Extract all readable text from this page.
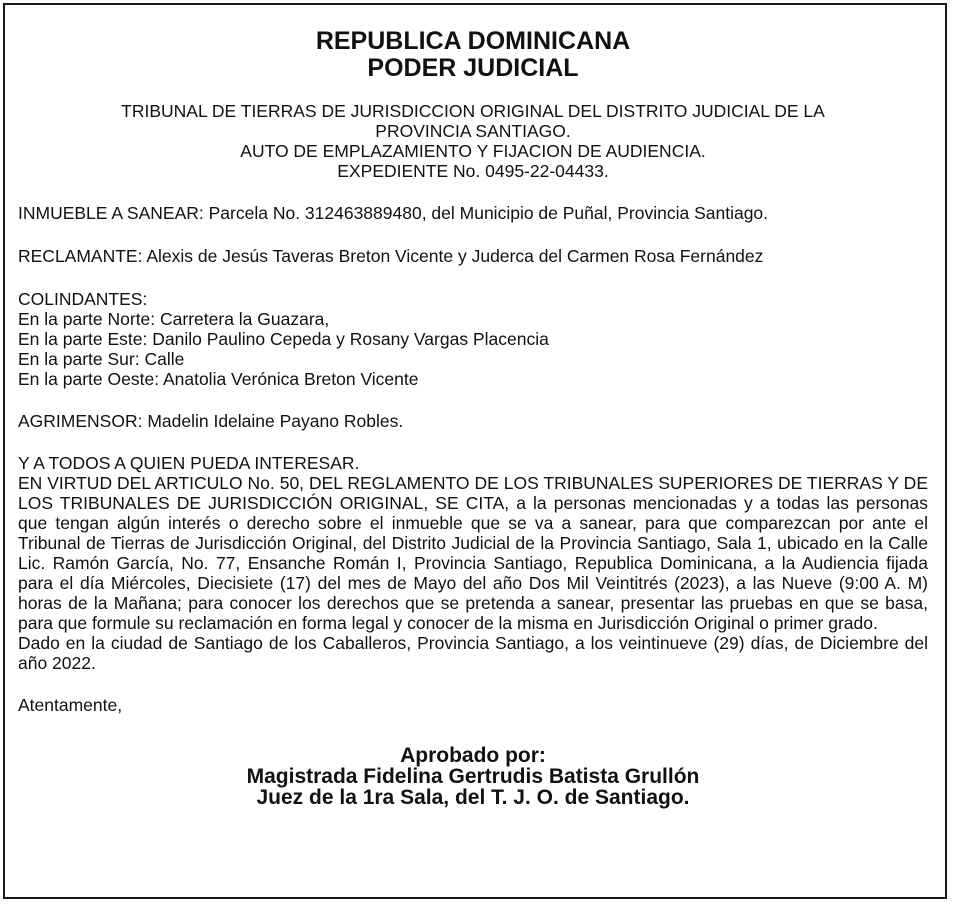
REPUBLICA DOMINICANA
PODER JUDICIAL
TRIBUNAL DE TIERRAS DE JURISDICCION ORIGINAL DEL DISTRITO JUDICIAL DE LA
PROVINCIA SANTIAGO.
AUTO DE EMPLAZAMIENTO Y FIJACION DE AUDIENCIA.
EXPEDIENTE No. 0495-22-04433.

INMUEBLE A SANEAR: Parcela No. 312463889480, del Municipio de Puñal, Provincia Santiago.

RECLAMANTE: Alexis de Jesús Taveras Breton Vicente y Juderca del Carmen Rosa Fernández

COLINDANTES:
En la parte Norte: Carretera la Guazara,
En la parte Este: Danilo Paulino Cepeda y Rosany Vargas Placencia
En la parte Sur: Calle
En la parte Oeste: Anatolia Verónica Breton Vicente

AGRIMENSOR: Madelin Idelaine Payano Robles.

Y A TODOS A QUIEN PUEDA INTERESAR.
EN VIRTUD DEL ARTICULO No. 50, DEL REGLAMENTO DE LOS TRIBUNALES SUPERIORES DE TIERRAS Y DE LOS TRIBUNALES DE JURISDICCIÓN ORIGINAL, SE CITA, a la personas mencionadas y a todas las personas que tengan algún interés o derecho sobre el inmueble que se va a sanear, para que comparezcan por ante el Tribunal de Tierras de Jurisdicción Original, del Distrito Judicial de la Provincia Santiago, Sala 1, ubicado en la Calle Lic. Ramón García, No. 77, Ensanche Román I, Provincia Santiago, Republica Dominicana, a la Audiencia fijada para el día Miércoles, Diecisiete (17) del mes de Mayo del año Dos Mil Veintitrés (2023), a las Nueve (9:00 A. M) horas de la Mañana; para conocer los derechos que se pretenda a sanear, presentar las pruebas en que se basa, para que formule su reclamación en forma legal y conocer de la misma en Jurisdicción Original o primer grado.
Dado en la ciudad de Santiago de los Caballeros, Provincia Santiago, a los veintinueve (29) días, de Diciembre del año 2022.

Atentamente,

Aprobado por:
Magistrada Fidelina Gertrudis Batista Grullón
Juez de la 1ra Sala, del T. J. O. de Santiago.
